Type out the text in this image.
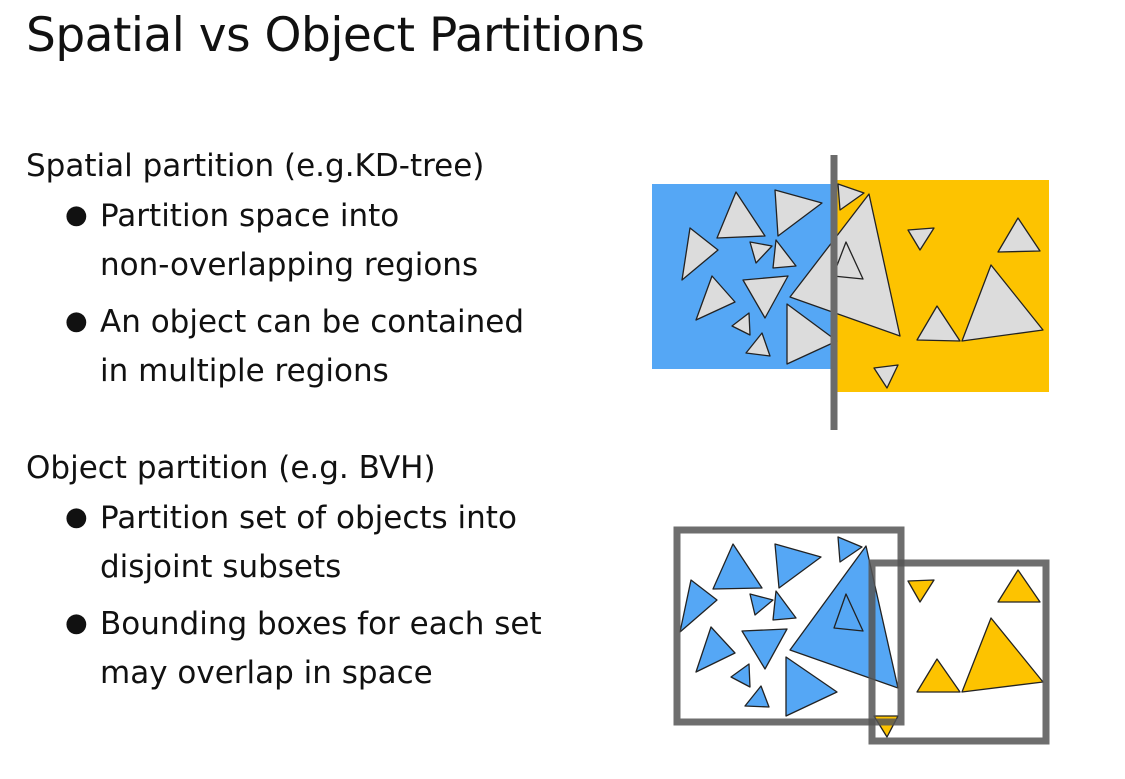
Spatial vs Object Partitions
Spatial partition (e.g.KD-tree)
● Partition space into
non-overlapping regions
● An object can be contained
in multiple regions
Object partition (e.g. BVH)
● Partition set of objects into
disjoint subsets
● Bounding boxes for each set
may overlap in space
